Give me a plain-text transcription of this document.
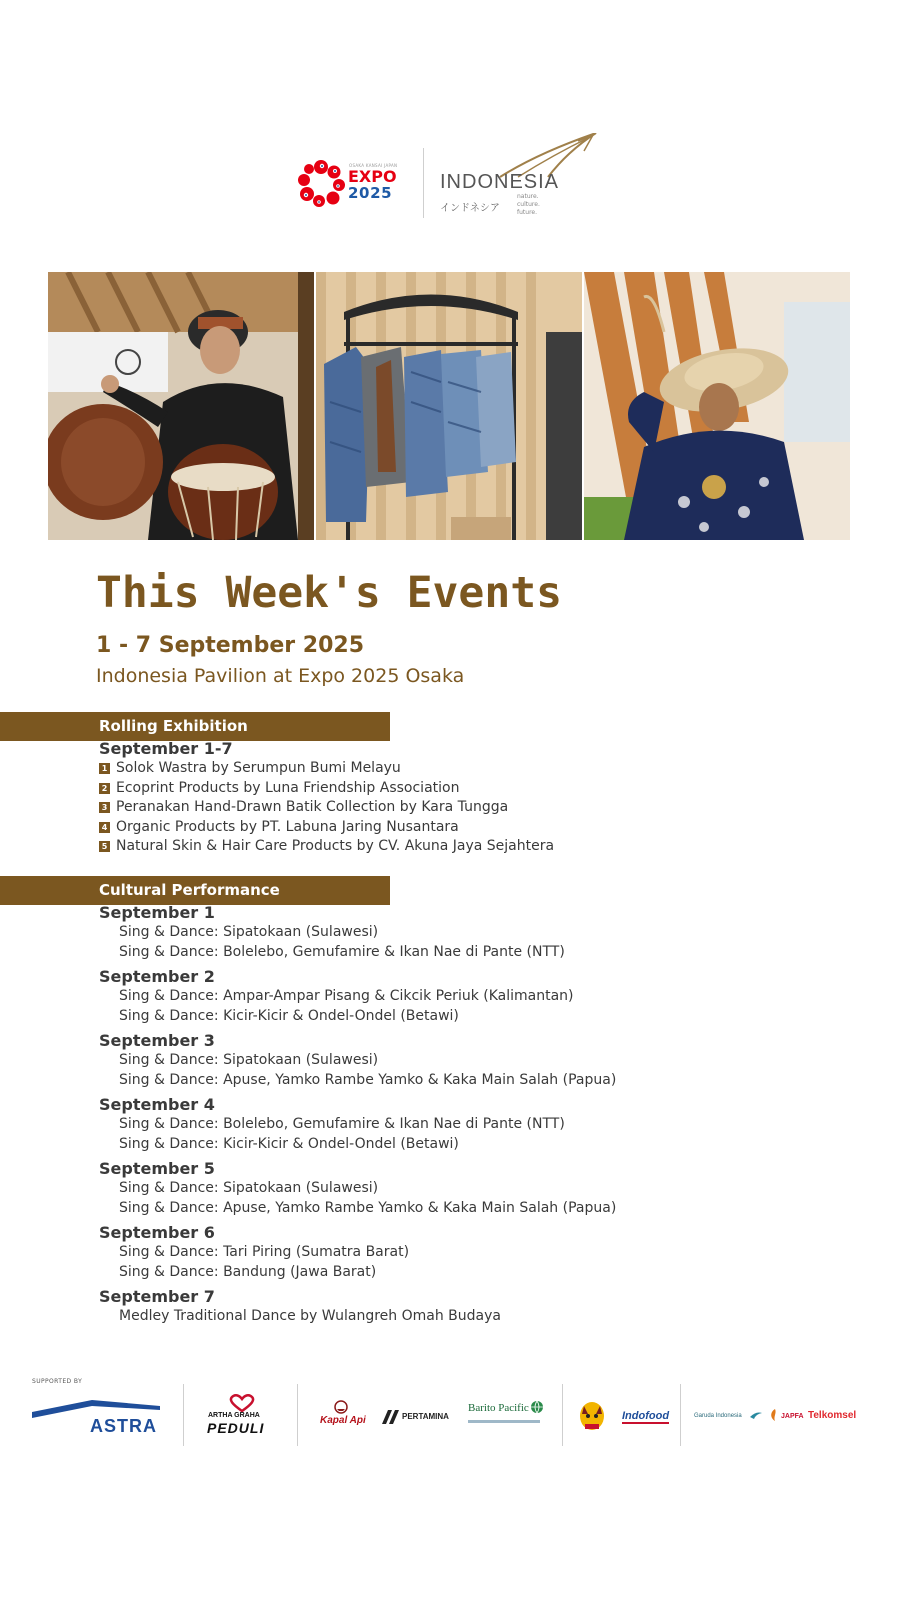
OSAKA KANSAI JAPAN
EXPO
2025 INDONESIA
インドネシア
nature.
culture.
future.
This Week's Events
1 - 7 September 2025
Indonesia Pavilion at Expo 2025 Osaka
Rolling Exhibition

September 1-7

1 Solok Wastra by Serumpun Bumi Melayu
2 Ecoprint Products by Luna Friendship Association
3 Peranakan Hand-Drawn Batik Collection by Kara Tunggа
4 Organic Products by PT. Labuna Jaring Nusantara
5 Natural Skin & Hair Care Products by CV. Akuna Jaya Sejahtera
Cultural Performance

September 1

Sing & Dance: Sipatokaan (Sulawesi)
Sing & Dance: Bolelebo, Gemufamire & Ikan Nae di Pante (NTT)

September 2

Sing & Dance: Ampar-Ampar Pisang & Cikcik Periuk (Kalimantan)
Sing & Dance: Kicir-Kicir & Ondel-Ondel (Betawi)

September 3

Sing & Dance: Sipatokaan (Sulawesi)
Sing & Dance: Apuse, Yamko Rambe Yamko & Kaka Main Salah (Papua)

September 4

Sing & Dance: Bolelebo, Gemufamire & Ikan Nae di Pante (NTT)
Sing & Dance: Kicir-Kicir & Ondel-Ondel (Betawi)

September 5

Sing & Dance: Sipatokaan (Sulawesi)
Sing & Dance: Apuse, Yamko Rambe Yamko & Kaka Main Salah (Papua)

September 6

Sing & Dance: Tari Piring (Sumatra Barat)
Sing & Dance: Bandung (Jawa Barat)

September 7

Medley Traditional Dance by Wulangreh Omah Budaya
SUPPORTED BY
ASTRA
ARTHA GRAHA
PEDULI	Kapal Api	PERTAMINA
Barito Pacific
Indofood	Garuda Indonesia	JAPFA Telkomsel
